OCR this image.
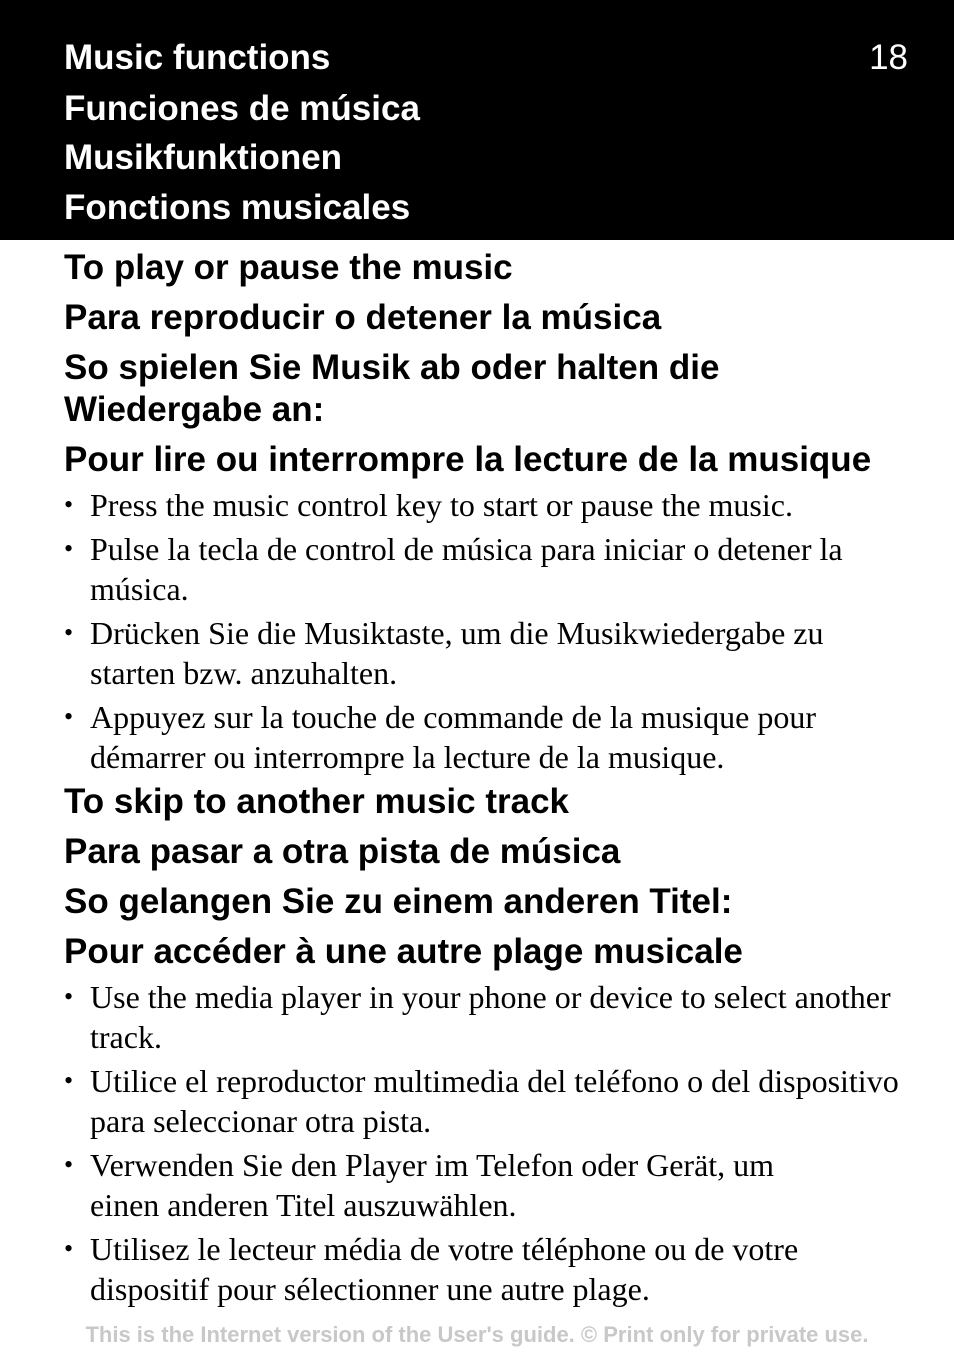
Music functions
Funciones de música
Musikfunktionen
Fonctions musicales
18
To play or pause the music
Para reproducir o detener la música
So spielen Sie Musik ab oder halten die Wiedergabe an:
Pour lire ou interrompre la lecture de la musique
• Press the music control key to start or pause the music.
• Pulse la tecla de control de música para iniciar o detener la música.
• Drücken Sie die Musiktaste, um die Musikwiedergabe zu starten bzw. anzuhalten.
• Appuyez sur la touche de commande de la musique pour démarrer ou interrompre la lecture de la musique.
To skip to another music track
Para pasar a otra pista de música
So gelangen Sie zu einem anderen Titel:
Pour accéder à une autre plage musicale
• Use the media player in your phone or device to select another track.
• Utilice el reproductor multimedia del teléfono o del dispositivo para seleccionar otra pista.
• Verwenden Sie den Player im Telefon oder Gerät, um einen anderen Titel auszuwählen.
• Utilisez le lecteur média de votre téléphone ou de votre dispositif pour sélectionner une autre plage.
This is the Internet version of the User's guide. © Print only for private use.
